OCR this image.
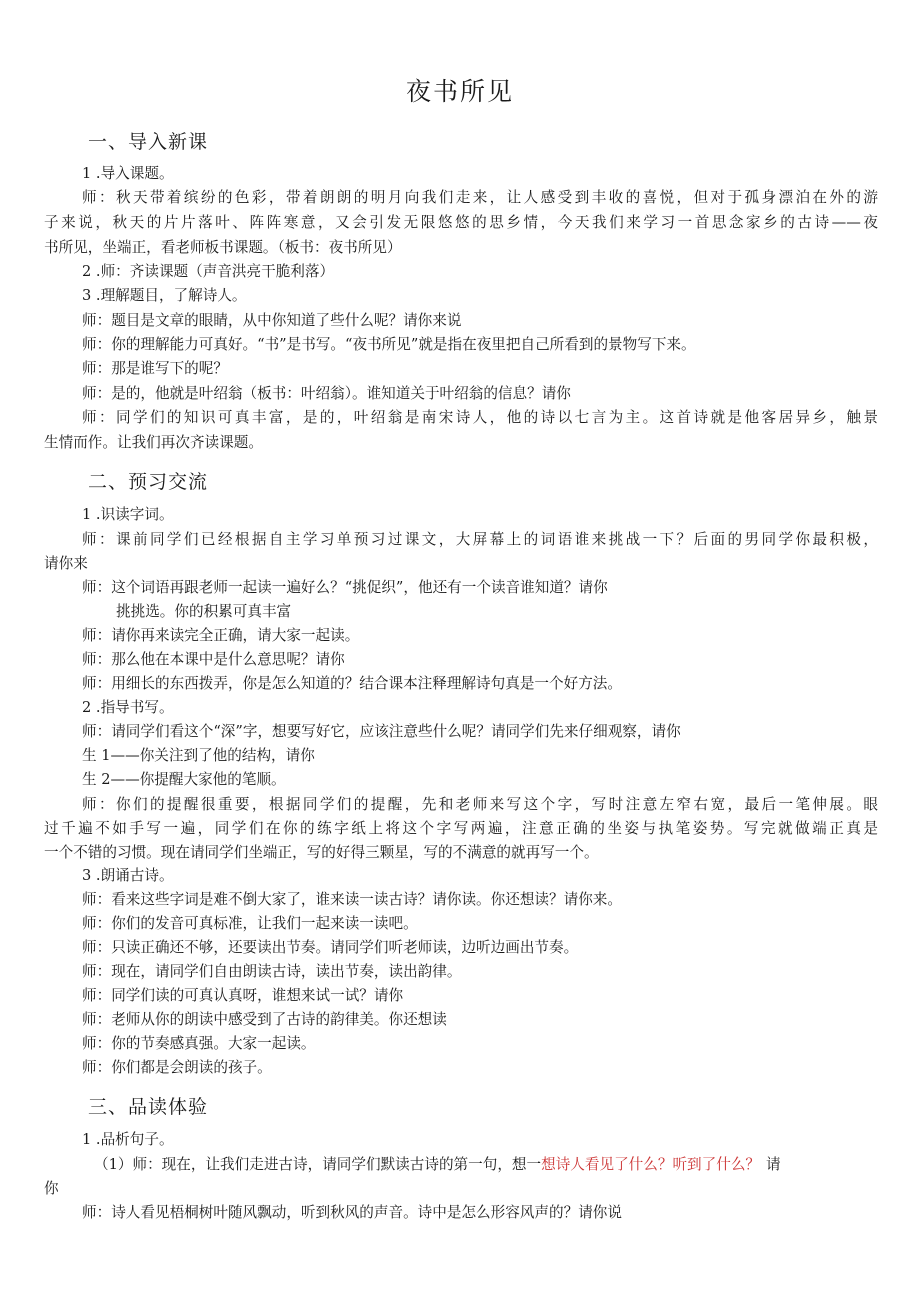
夜书所见
一、导入新课
1 .导入课题。
师：秋天带着缤纷的色彩，带着朗朗的明月向我们走来，让人感受到丰收的喜悦，但对于孤身漂泊在外的游
子来说，秋天的片片落叶、阵阵寒意，又会引发无限悠悠的思乡情，今天我们来学习一首思念家乡的古诗——夜
书所见，坐端正，看老师板书课题。（板书：夜书所见）
2 .师：齐读课题（声音洪亮干脆利落）
3 .理解题目，了解诗人。
师：题目是文章的眼睛，从中你知道了些什么呢？请你来说
师：你的理解能力可真好。“书”是书写。“夜书所见”就是指在夜里把自己所看到的景物写下来。
师：那是谁写下的呢？
师：是的，他就是叶绍翁（板书：叶绍翁）。谁知道关于叶绍翁的信息？请你
师：同学们的知识可真丰富，是的，叶绍翁是南宋诗人，他的诗以七言为主。这首诗就是他客居异乡，触景
生情而作。让我们再次齐读课题。
二、预习交流
1 .识读字词。
师：课前同学们已经根据自主学习单预习过课文，大屏幕上的词语谁来挑战一下？后面的男同学你最积极，
请你来
师：这个词语再跟老师一起读一遍好么？“挑促织”，他还有一个读音谁知道？请你
挑挑选。你的积累可真丰富
师：请你再来读完全正确，请大家一起读。
师：那么他在本课中是什么意思呢？请你
师：用细长的东西拨弄，你是怎么知道的？结合课本注释理解诗句真是一个好方法。
2 .指导书写。
师：请同学们看这个“深”字，想要写好它，应该注意些什么呢？请同学们先来仔细观察，请你
生 1——你关注到了他的结构，请你
生 2——你提醒大家他的笔顺。
师：你们的提醒很重要，根据同学们的提醒，先和老师来写这个字，写时注意左窄右宽，最后一笔伸展。眼
过千遍不如手写一遍，同学们在你的练字纸上将这个字写两遍，注意正确的坐姿与执笔姿势。写完就做端正真是
一个不错的习惯。现在请同学们坐端正，写的好得三颗星，写的不满意的就再写一个。
3 .朗诵古诗。
师：看来这些字词是难不倒大家了，谁来读一读古诗？请你读。你还想读？请你来。
师：你们的发音可真标准，让我们一起来读一读吧。
师：只读正确还不够，还要读出节奏。请同学们听老师读，边听边画出节奏。
师：现在，请同学们自由朗读古诗，读出节奏，读出韵律。
师：同学们读的可真认真呀，谁想来试一试？请你
师：老师从你的朗读中感受到了古诗的韵律美。你还想读
师：你的节奏感真强。大家一起读。
师：你们都是会朗读的孩子。
三、品读体验
1 .品析句子。
（1）师：现在，让我们走进古诗，请同学们默读古诗的第一句，想一想诗人看见了什么？听到了什么？ 请
你
师：诗人看见梧桐树叶随风飘动，听到秋风的声音。诗中是怎么形容风声的？请你说
